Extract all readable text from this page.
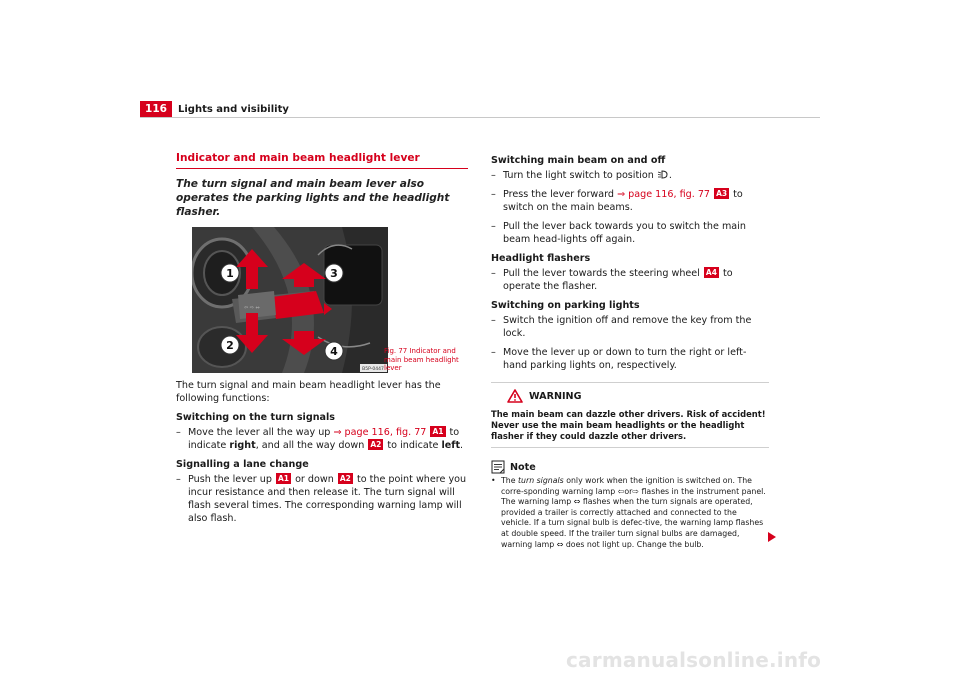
116	Lights and visibility
Indicator and main beam headlight lever
The turn signal and main beam lever also operates the parking lights and the headlight flasher.
⇦ ⇨ ⇔
1
2
3
4
B5P-0447
Fig. 77 Indicator and main beam headlight lever
The turn signal and main beam headlight lever has the following functions:
Switching on the turn signals
– Move the lever all the way up ⇒ page 116, fig. 77 A1 to indicate right, and all the way down A2 to indicate left.
Signalling a lane change
– Push the lever up A1 or down A2 to the point where you incur resistance and then release it. The turn signal will flash several times. The corresponding warning lamp will also flash.
Switching main beam on and off
– Turn the light switch to position .
– Press the lever forward ⇒ page 116, fig. 77 A3 to switch on the main beams.
– Pull the lever back towards you to switch the main beam head-lights off again.
Headlight flashers
– Pull the lever towards the steering wheel A4 to operate the flasher.
Switching on parking lights
– Switch the ignition off and remove the key from the lock.
– Move the lever up or down to turn the right or left-hand parking lights on, respectively.
WARNING
The main beam can dazzle other drivers. Risk of accident! Never use the main beam headlights or the headlight flasher if they could dazzle other drivers.
Note
• The turn signals only work when the ignition is switched on. The corre-sponding warning lamp ⇦or⇨ flashes in the instrument panel. The warning lamp ⇔ flashes when the turn signals are operated, provided a trailer is correctly attached and connected to the vehicle. If a turn signal bulb is defec-tive, the warning lamp flashes at double speed. If the trailer turn signal bulbs are damaged, warning lamp ⇔ does not light up. Change the bulb.
carmanualsonline.info
